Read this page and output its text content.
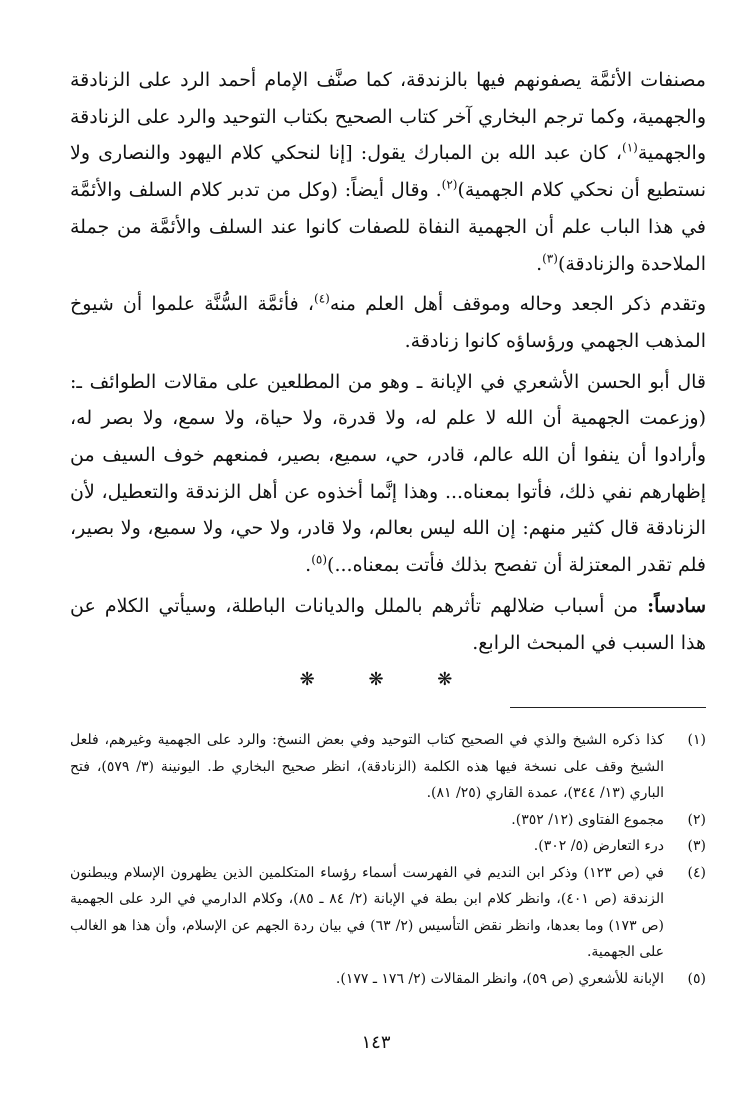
مصنفات الأئمَّة يصفونهم فيها بالزندقة، كما صنَّف الإمام أحمد الرد على الزنادقة والجهمية، وكما ترجم البخاري آخر كتاب الصحيح بكتاب التوحيد والرد على الزنادقة والجهمية$^{(١)}$، كان عبد الله بن المبارك يقول: [إنا لنحكي كلام اليهود والنصارى ولا نستطيع أن نحكي كلام الجهمية)$^{(٢)}$. وقال أيضاً: (وكل من تدبر كلام السلف والأئمَّة في هذا الباب علم أن الجهمية النفاة للصفات كانوا عند السلف والأئمَّة من جملة الملاحدة والزنادقة)$^{(٣)}$.

وتقدم ذكر الجعد وحاله وموقف أهل العلم منه$^{(٤)}$، فأئمَّة السُّنَّة علموا أن شيوخ المذهب الجهمي ورؤساؤه كانوا زنادقة.

قال أبو الحسن الأشعري في الإبانة ـ وهو من المطلعين على مقالات الطوائف ـ: (وزعمت الجهمية أن الله لا علم له، ولا قدرة، ولا حياة، ولا سمع، ولا بصر له، وأرادوا أن ينفوا أن الله عالم، قادر، حي، سميع، بصير، فمنعهم خوف السيف من إظهارهم نفي ذلك، فأتوا بمعناه... وهذا إنَّما أخذوه عن أهل الزندقة والتعطيل، لأن الزنادقة قال كثير منهم: إن الله ليس بعالم، ولا قادر، ولا حي، ولا سميع، ولا بصير، فلم تقدر المعتزلة أن تفصح بذلك فأتت بمعناه...)$^{(٥)}$.

سادساً: من أسباب ضلالهم تأثرهم بالملل والديانات الباطلة، وسيأتي الكلام عن هذا السبب في المبحث الرابع.

❋ ❋ ❋
(١)
كذا ذكره الشيخ والذي في الصحيح كتاب التوحيد وفي بعض النسخ: والرد على الجهمية وغيرهم، فلعل الشيخ وقف على نسخة فيها هذه الكلمة (الزنادقة)، انظر صحيح البخاري ط. اليونينة (٣/ ٥٧٩)، فتح الباري (١٣/ ٣٤٤)، عمدة القاري (٢٥/ ٨١).
(٢)
مجموع الفتاوى (١٢/ ٣٥٢).
(٣)
درء التعارض (٥/ ٣٠٢).
(٤)
في (ص ١٢٣) وذكر ابن النديم في الفهرست أسماء رؤساء المتكلمين الذين يظهرون الإسلام ويبطنون الزندقة (ص ٤٠١)، وانظر كلام ابن بطة في الإبانة (٢/ ٨٤ ـ ٨٥)، وكلام الدارمي في الرد على الجهمية (ص ١٧٣) وما بعدها، وانظر نقض التأسيس (٢/ ٦٣) في بيان ردة الجهم عن الإسلام، وأن هذا هو الغالب على الجهمية.
(٥)
الإبانة للأشعري (ص ٥٩)، وانظر المقالات (٢/ ١٧٦ ـ ١٧٧).
١٤٣
